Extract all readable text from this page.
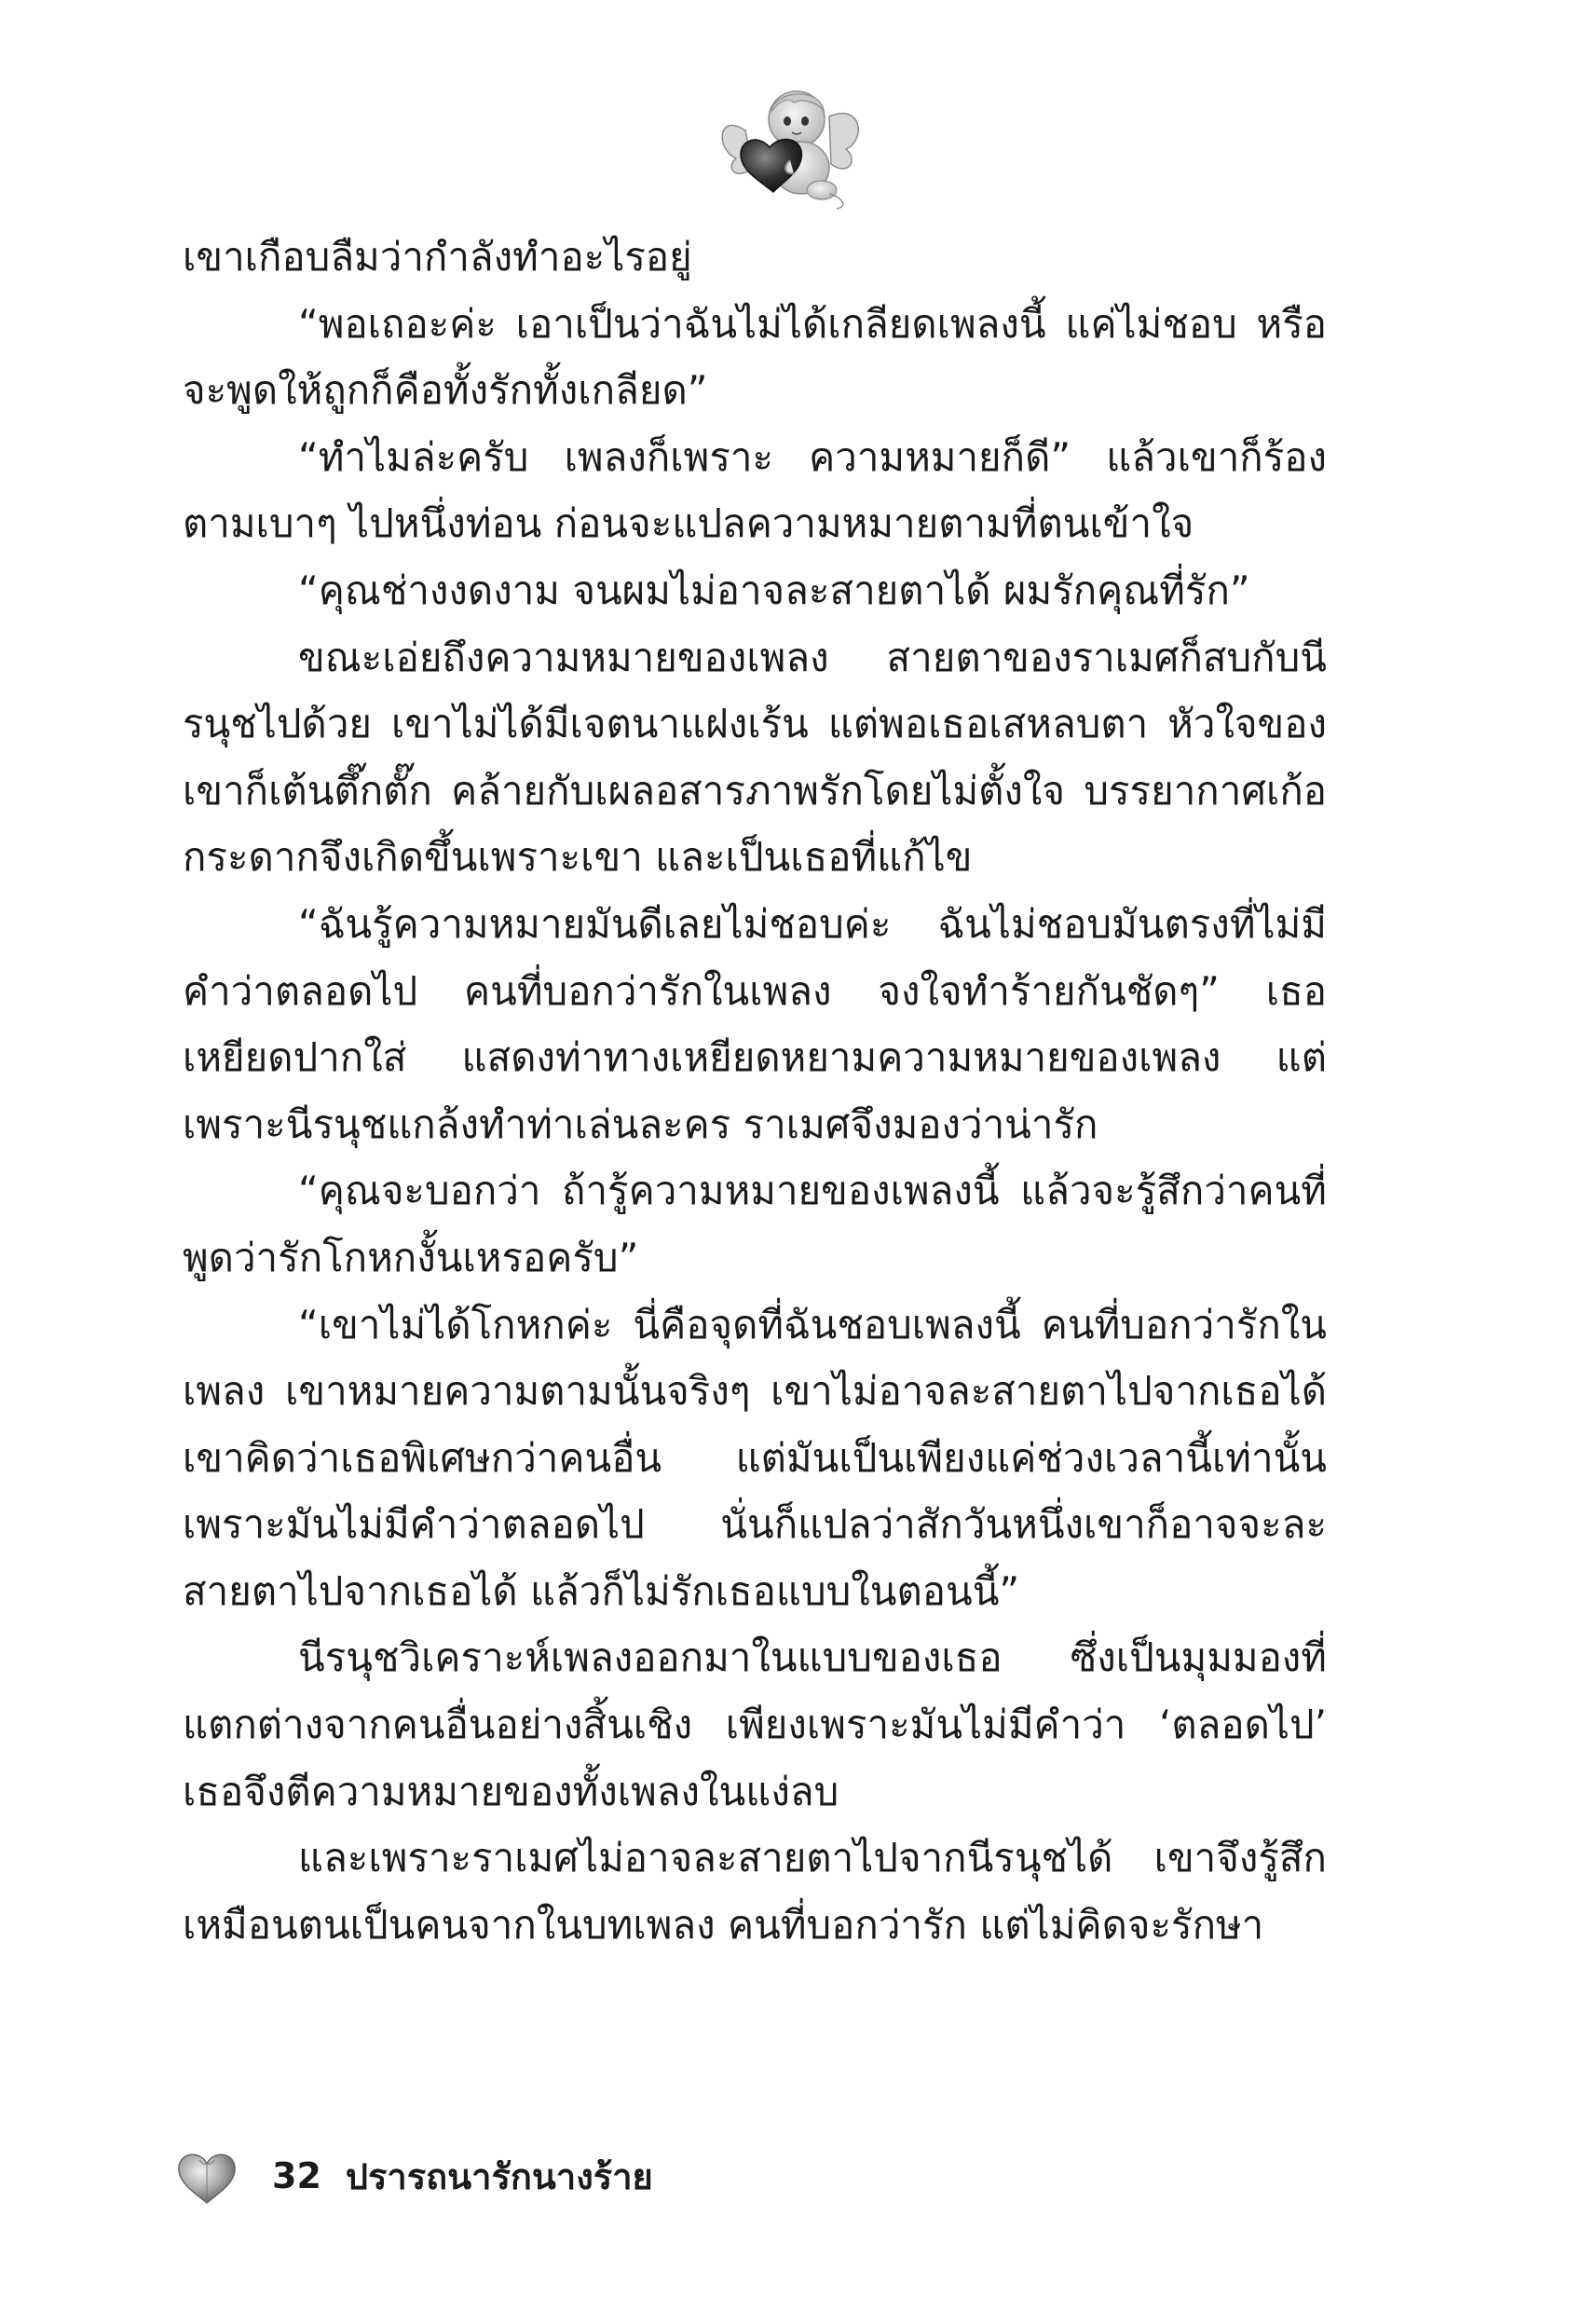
เขาเกือบลืมว่ากำลังทำอะไรอยู่

“พอเถอะค่ะ เอาเป็นว่าฉันไม่ได้เกลียดเพลงนี้ แค่ไม่ชอบ หรือจะพูดให้ถูกก็คือทั้งรักทั้งเกลียด”

“ทำไมล่ะครับ เพลงก็เพราะ ความหมายก็ดี” แล้วเขาก็ร้องตามเบาๆ ไปหนึ่งท่อน ก่อนจะแปลความหมายตามที่ตนเข้าใจ

“คุณช่างงดงาม จนผมไม่อาจละสายตาได้ ผมรักคุณที่รัก”

ขณะเอ่ยถึงความหมายของเพลง สายตาของราเมศก็สบกับนีรนุชไปด้วย เขาไม่ได้มีเจตนาแฝงเร้น แต่พอเธอเสหลบตา หัวใจของเขาก็เต้นตึ๊กตั๊ก คล้ายกับเผลอสารภาพรักโดยไม่ตั้งใจ บรรยากาศเก้อกระดากจึงเกิดขึ้นเพราะเขา และเป็นเธอที่แก้ไข

“ฉันรู้ความหมายมันดีเลยไม่ชอบค่ะ ฉันไม่ชอบมันตรงที่ไม่มีคำว่าตลอดไป คนที่บอกว่ารักในเพลง จงใจทำร้ายกันชัดๆ” เธอเหยียดปากใส่ แสดงท่าทางเหยียดหยามความหมายของเพลง แต่เพราะนีรนุชแกล้งทำท่าเล่นละคร ราเมศจึงมองว่าน่ารัก

“คุณจะบอกว่า ถ้ารู้ความหมายของเพลงนี้ แล้วจะรู้สึกว่าคนที่พูดว่ารักโกหกงั้นเหรอครับ”

“เขาไม่ได้โกหกค่ะ นี่คือจุดที่ฉันชอบเพลงนี้ คนที่บอกว่ารักในเพลง เขาหมายความตามนั้นจริงๆ เขาไม่อาจละสายตาไปจากเธอได้ เขาคิดว่าเธอพิเศษกว่าคนอื่น แต่มันเป็นเพียงแค่ช่วงเวลานี้เท่านั้น เพราะมันไม่มีคำว่าตลอดไป นั่นก็แปลว่าสักวันหนึ่งเขาก็อาจจะละสายตาไปจากเธอได้ แล้วก็ไม่รักเธอแบบในตอนนี้”

นีรนุชวิเคราะห์เพลงออกมาในแบบของเธอ ซึ่งเป็นมุมมองที่แตกต่างจากคนอื่นอย่างสิ้นเชิง เพียงเพราะมันไม่มีคำว่า ‘ตลอดไป’ เธอจึงตีความหมายของทั้งเพลงในแง่ลบ

และเพราะราเมศไม่อาจละสายตาไปจากนีรนุชได้ เขาจึงรู้สึกเหมือนตนเป็นคนจากในบทเพลง คนที่บอกว่ารัก แต่ไม่คิดจะรักษา

32 ปรารถนารักนางร้าย
